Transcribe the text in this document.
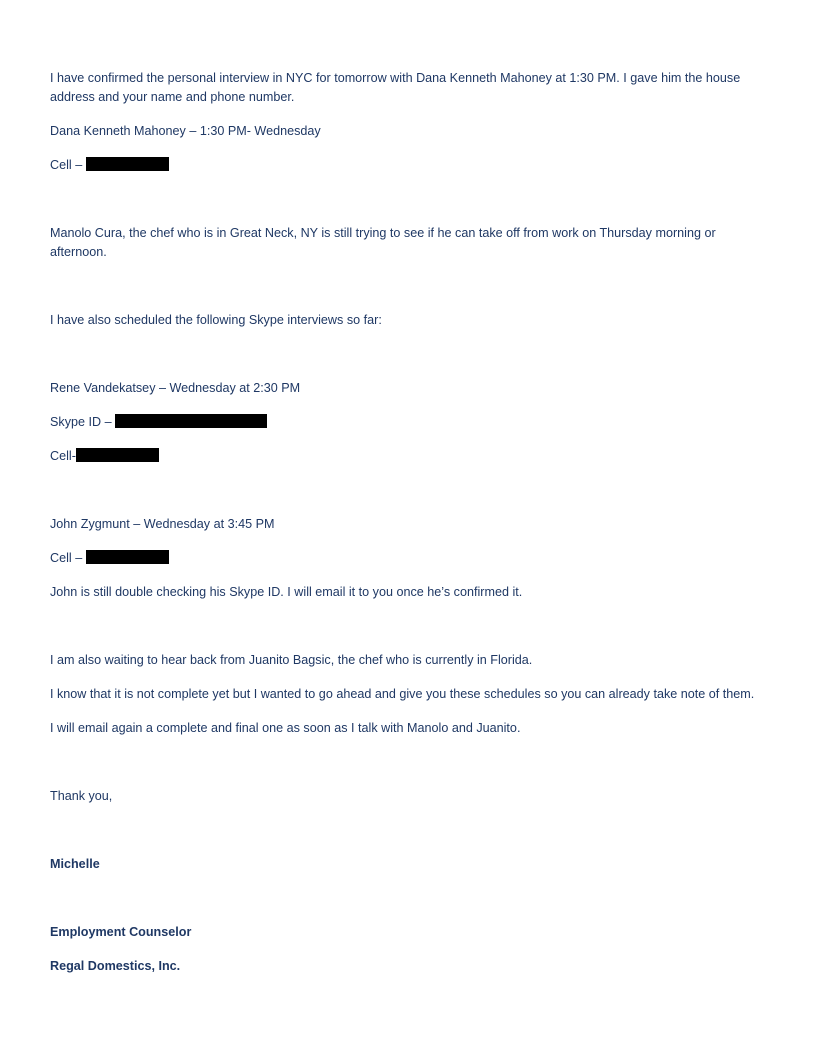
I have confirmed the personal interview in NYC for tomorrow with Dana Kenneth Mahoney at 1:30 PM. I gave him the house address and your name and phone number.

Dana Kenneth Mahoney – 1:30 PM- Wednesday

Cell –

Manolo Cura, the chef who is in Great Neck, NY is still trying to see if he can take off from work on Thursday morning or afternoon.

I have also scheduled the following Skype interviews so far:

Rene Vandekatsey – Wednesday at 2:30 PM

Skype ID –

Cell-

John Zygmunt – Wednesday at 3:45 PM

Cell –

John is still double checking his Skype ID. I will email it to you once he’s confirmed it.

I am also waiting to hear back from Juanito Bagsic, the chef who is currently in Florida.

I know that it is not complete yet but I wanted to go ahead and give you these schedules so you can already take note of them.

I will email again a complete and final one as soon as I talk with Manolo and Juanito.

Thank you,

Michelle

Employment Counselor

Regal Domestics, Inc.
